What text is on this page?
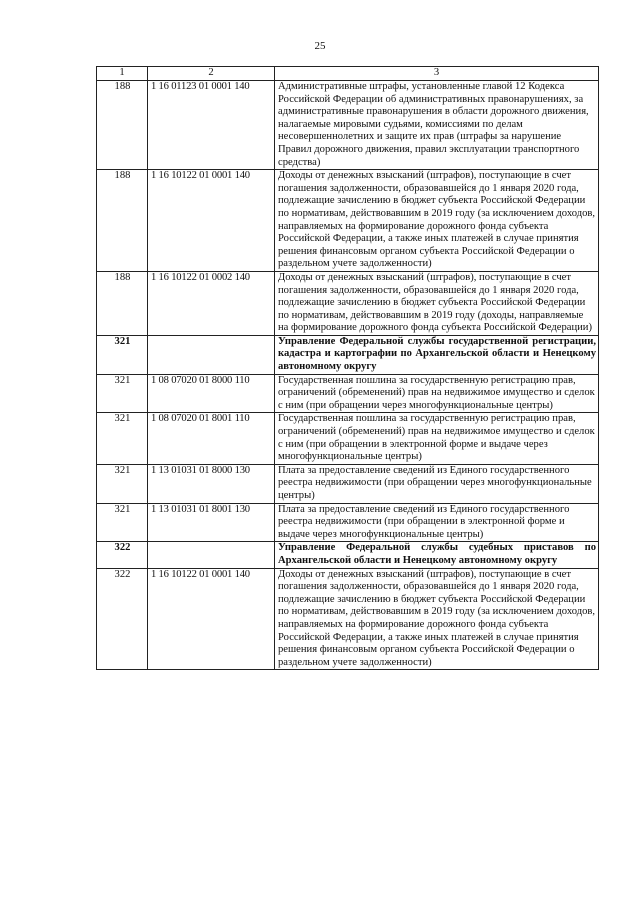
25
1	2	3
188	1 16 01123 01 0001 140	Административные штрафы, установленные главой 12 Кодекса Российской Федерации об административных правонарушениях, за административные правонарушения в области дорожного движения, налагаемые мировыми судьями, комиссиями по делам несовершеннолетних и защите их прав (штрафы за нарушение Правил дорожного движения, правил эксплуатации транспортного средства)
188	1 16 10122 01 0001 140	Доходы от денежных взысканий (штрафов), поступающие в счет погашения задолженности, образовавшейся до 1 января 2020 года, подлежащие зачислению в бюджет субъекта Российской Федерации по нормативам, действовавшим в 2019 году (за исключением доходов, направляемых на формирование дорожного фонда субъекта Российской Федерации, а также иных платежей в случае принятия решения финансовым органом субъекта Российской Федерации о раздельном учете задолженности)
188	1 16 10122 01 0002 140	Доходы от денежных взысканий (штрафов), поступающие в счет погашения задолженности, образовавшейся до 1 января 2020 года, подлежащие зачислению в бюджет субъекта Российской Федерации по нормативам, действовавшим в 2019 году (доходы, направляемые на формирование дорожного фонда субъекта Российской Федерации)
321		Управление Федеральной службы государственной регистрации, кадастра и картографии по Архангельской области и Ненецкому автономному округу
321	1 08 07020 01 8000 110	Государственная пошлина за государственную регистрацию прав, ограничений (обременений) прав на недвижимое имущество и сделок с ним (при обращении через многофункциональные центры)
321	1 08 07020 01 8001 110	Государственная пошлина за государственную регистрацию прав, ограничений (обременений) прав на недвижимое имущество и сделок с ним (при обращении в электронной форме и выдаче через многофункциональные центры)
321	1 13 01031 01 8000 130	Плата за предоставление сведений из Единого государственного реестра недвижимости (при обращении через многофункциональные центры)
321	1 13 01031 01 8001 130	Плата за предоставление сведений из Единого государственного реестра недвижимости (при обращении в электронной форме и выдаче через многофункциональные центры)
322		Управление Федеральной службы судебных приставов по Архангельской области и Ненецкому автономному округу
322	1 16 10122 01 0001 140	Доходы от денежных взысканий (штрафов), поступающие в счет погашения задолженности, образовавшейся до 1 января 2020 года, подлежащие зачислению в бюджет субъекта Российской Федерации по нормативам, действовавшим в 2019 году (за исключением доходов, направляемых на формирование дорожного фонда субъекта Российской Федерации, а также иных платежей в случае принятия решения финансовым органом субъекта Российской Федерации о раздельном учете задолженности)
